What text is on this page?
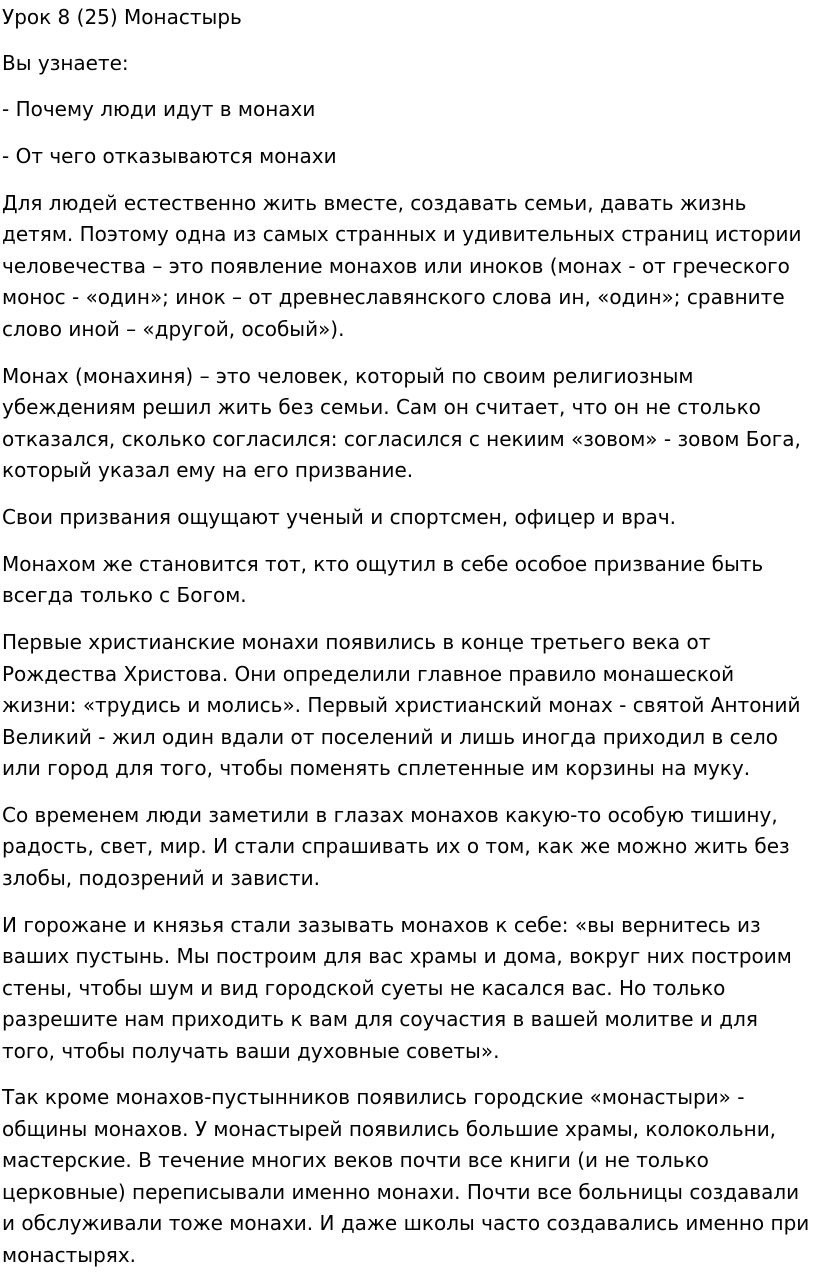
Урок 8 (25) Монастырь

Вы узнаете:

- Почему люди идут в монахи

- От чего отказываются монахи

Для людей естественно жить вместе, создавать семьи, давать жизнь детям. Поэтому одна из самых странных и удивительных страниц истории человечества – это появление монахов или иноков (монах - от греческого монос - «один»; инок – от древнеславянского слова ин, «один»; сравните слово иной – «другой, особый»).

Монах (монахиня) – это человек, который по своим религиозным убеждениям решил жить без семьи. Сам он считает, что он не столько отказался, сколько согласился: согласился с некиим «зовом» - зовом Бога, который указал ему на его призвание.

Свои призвания ощущают ученый и спортсмен, офицер и врач.

Монахом же становится тот, кто ощутил в себе особое призвание быть всегда только с Богом.

Первые христианские монахи появились в конце третьего века от Рождества Христова. Они определили главное правило монашеской жизни: «трудись и молись». Первый христианский монах - святой Антоний Великий - жил один вдали от поселений и лишь иногда приходил в село или город для того, чтобы поменять сплетенные им корзины на муку.

Со временем люди заметили в глазах монахов какую-то особую тишину, радость, свет, мир. И стали спрашивать их о том, как же можно жить без злобы, подозрений и зависти.

И горожане и князья стали зазывать монахов к себе: «вы вернитесь из ваших пустынь. Мы построим для вас храмы и дома, вокруг них построим стены, чтобы шум и вид городской суеты не касался вас. Но только разрешите нам приходить к вам для соучастия в вашей молитве и для того, чтобы получать ваши духовные советы».

Так кроме монахов-пустынников появились городские «монастыри» - общины монахов. У монастырей появились большие храмы, колокольни, мастерские. В течение многих веков почти все книги (и не только церковные) переписывали именно монахи. Почти все больницы создавали и обслуживали тоже монахи. И даже школы часто создавались именно при монастырях.
